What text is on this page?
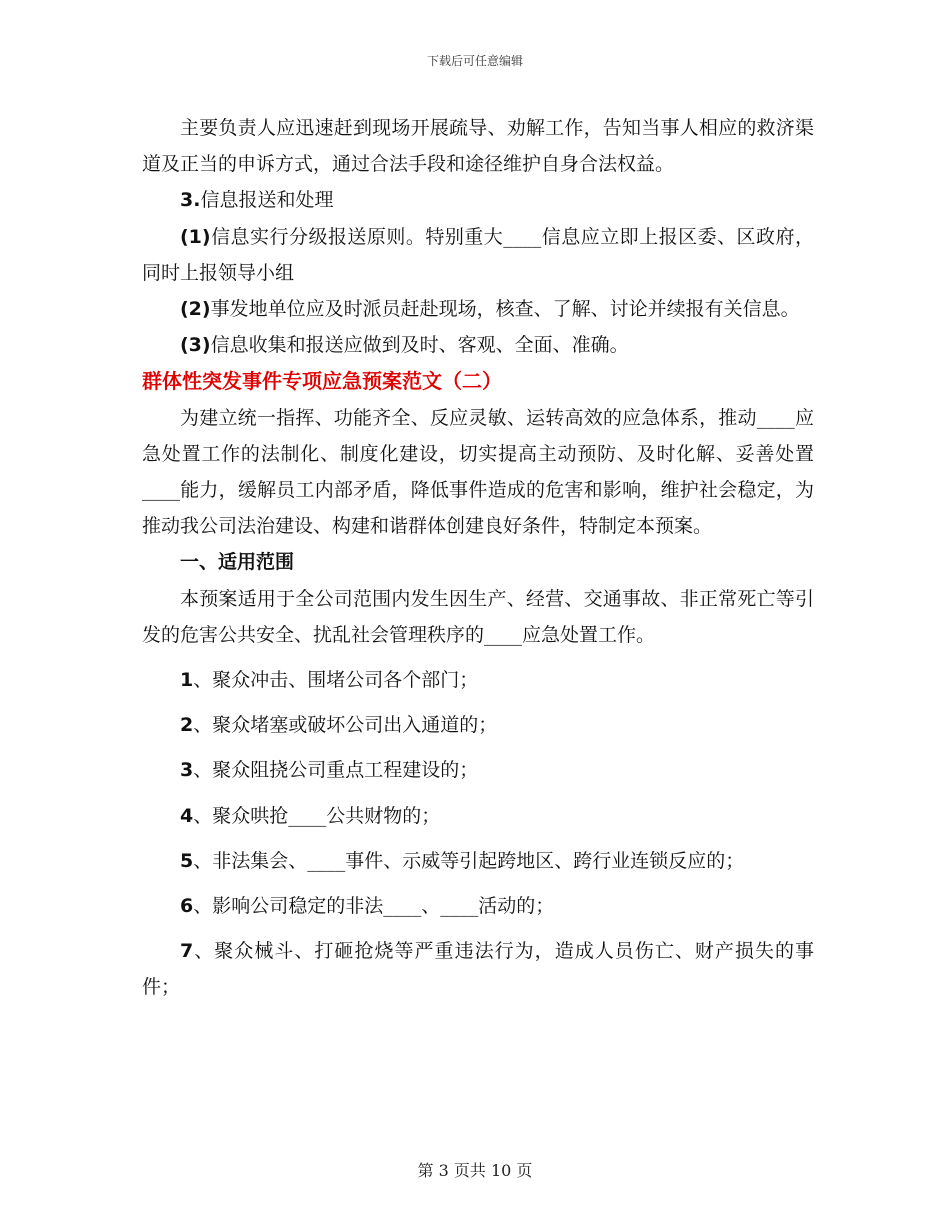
下载后可任意编辑

主要负责人应迅速赶到现场开展疏导、劝解工作，告知当事人相应的救济渠道及正当的申诉方式，通过合法手段和途径维护自身合法权益。

3.信息报送和处理

(1)信息实行分级报送原则。特别重大____信息应立即上报区委、区政府，同时上报领导小组

(2)事发地单位应及时派员赶赴现场，核查、了解、讨论并续报有关信息。

(3)信息收集和报送应做到及时、客观、全面、准确。

群体性突发事件专项应急预案范文（二）

为建立统一指挥、功能齐全、反应灵敏、运转高效的应急体系，推动____应急处置工作的法制化、制度化建设，切实提高主动预防、及时化解、妥善处置____能力，缓解员工内部矛盾，降低事件造成的危害和影响，维护社会稳定，为推动我公司法治建设、构建和谐群体创建良好条件，特制定本预案。

一、适用范围

本预案适用于全公司范围内发生因生产、经营、交通事故、非正常死亡等引发的危害公共安全、扰乱社会管理秩序的____应急处置工作。

1、聚众冲击、围堵公司各个部门；

2、聚众堵塞或破坏公司出入通道的；

3、聚众阻挠公司重点工程建设的；

4、聚众哄抢____公共财物的；

5、非法集会、____事件、示威等引起跨地区、跨行业连锁反应的；

6、影响公司稳定的非法____、____活动的；

7、聚众械斗、打砸抢烧等严重违法行为，造成人员伤亡、财产损失的事件；

第 3 页共 10 页
